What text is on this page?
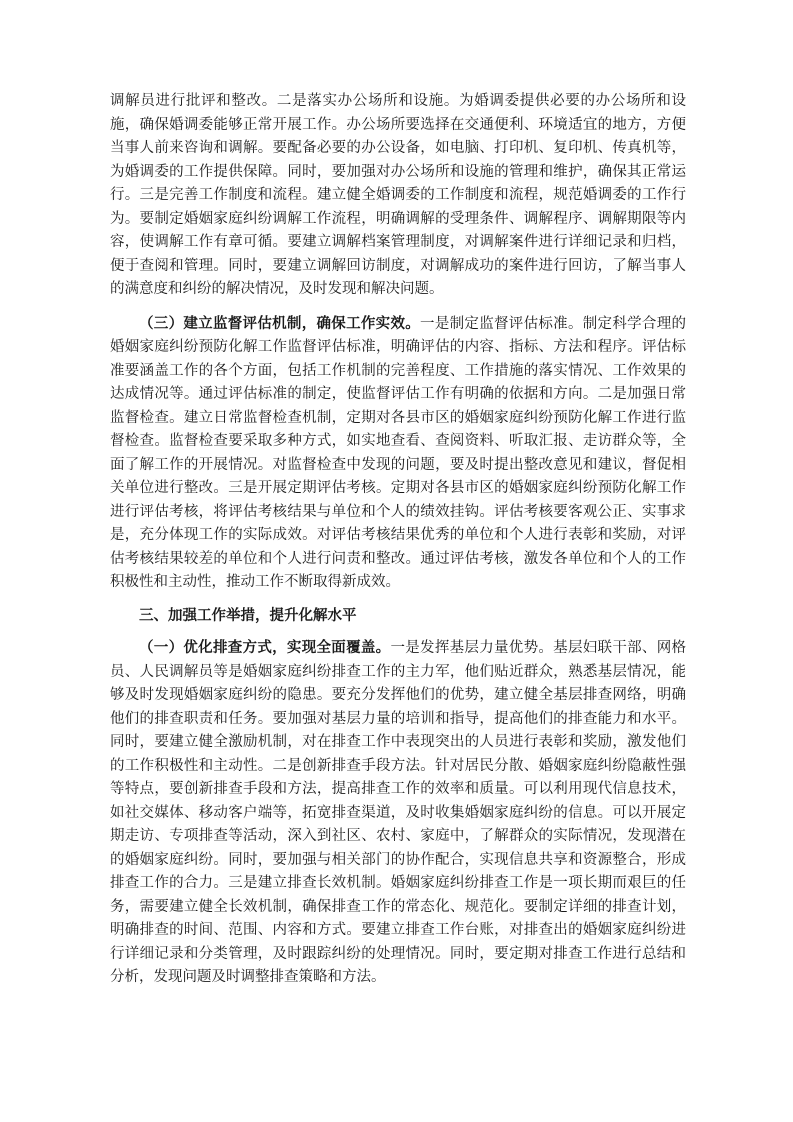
调解员进行批评和整改。二是落实办公场所和设施。为婚调委提供必要的办公场所和设施，确保婚调委能够正常开展工作。办公场所要选择在交通便利、环境适宜的地方，方便当事人前来咨询和调解。要配备必要的办公设备，如电脑、打印机、复印机、传真机等，为婚调委的工作提供保障。同时，要加强对办公场所和设施的管理和维护，确保其正常运行。三是完善工作制度和流程。建立健全婚调委的工作制度和流程，规范婚调委的工作行为。要制定婚姻家庭纠纷调解工作流程，明确调解的受理条件、调解程序、调解期限等内容，使调解工作有章可循。要建立调解档案管理制度，对调解案件进行详细记录和归档，便于查阅和管理。同时，要建立调解回访制度，对调解成功的案件进行回访，了解当事人的满意度和纠纷的解决情况，及时发现和解决问题。

（三）建立监督评估机制，确保工作实效。一是制定监督评估标准。制定科学合理的婚姻家庭纠纷预防化解工作监督评估标准，明确评估的内容、指标、方法和程序。评估标准要涵盖工作的各个方面，包括工作机制的完善程度、工作措施的落实情况、工作效果的达成情况等。通过评估标准的制定，使监督评估工作有明确的依据和方向。二是加强日常监督检查。建立日常监督检查机制，定期对各县市区的婚姻家庭纠纷预防化解工作进行监督检查。监督检查要采取多种方式，如实地查看、查阅资料、听取汇报、走访群众等，全面了解工作的开展情况。对监督检查中发现的问题，要及时提出整改意见和建议，督促相关单位进行整改。三是开展定期评估考核。定期对各县市区的婚姻家庭纠纷预防化解工作进行评估考核，将评估考核结果与单位和个人的绩效挂钩。评估考核要客观公正、实事求是，充分体现工作的实际成效。对评估考核结果优秀的单位和个人进行表彰和奖励，对评估考核结果较差的单位和个人进行问责和整改。通过评估考核，激发各单位和个人的工作积极性和主动性，推动工作不断取得新成效。

三、加强工作举措，提升化解水平

（一）优化排查方式，实现全面覆盖。一是发挥基层力量优势。基层妇联干部、网格员、人民调解员等是婚姻家庭纠纷排查工作的主力军，他们贴近群众，熟悉基层情况，能够及时发现婚姻家庭纠纷的隐患。要充分发挥他们的优势，建立健全基层排查网络，明确他们的排查职责和任务。要加强对基层力量的培训和指导，提高他们的排查能力和水平。同时，要建立健全激励机制，对在排查工作中表现突出的人员进行表彰和奖励，激发他们的工作积极性和主动性。二是创新排查手段方法。针对居民分散、婚姻家庭纠纷隐蔽性强等特点，要创新排查手段和方法，提高排查工作的效率和质量。可以利用现代信息技术，如社交媒体、移动客户端等，拓宽排查渠道，及时收集婚姻家庭纠纷的信息。可以开展定期走访、专项排查等活动，深入到社区、农村、家庭中，了解群众的实际情况，发现潜在的婚姻家庭纠纷。同时，要加强与相关部门的协作配合，实现信息共享和资源整合，形成排查工作的合力。三是建立排查长效机制。婚姻家庭纠纷排查工作是一项长期而艰巨的任务，需要建立健全长效机制，确保排查工作的常态化、规范化。要制定详细的排查计划，明确排查的时间、范围、内容和方式。要建立排查工作台账，对排查出的婚姻家庭纠纷进行详细记录和分类管理，及时跟踪纠纷的处理情况。同时，要定期对排查工作进行总结和分析，发现问题及时调整排查策略和方法。
